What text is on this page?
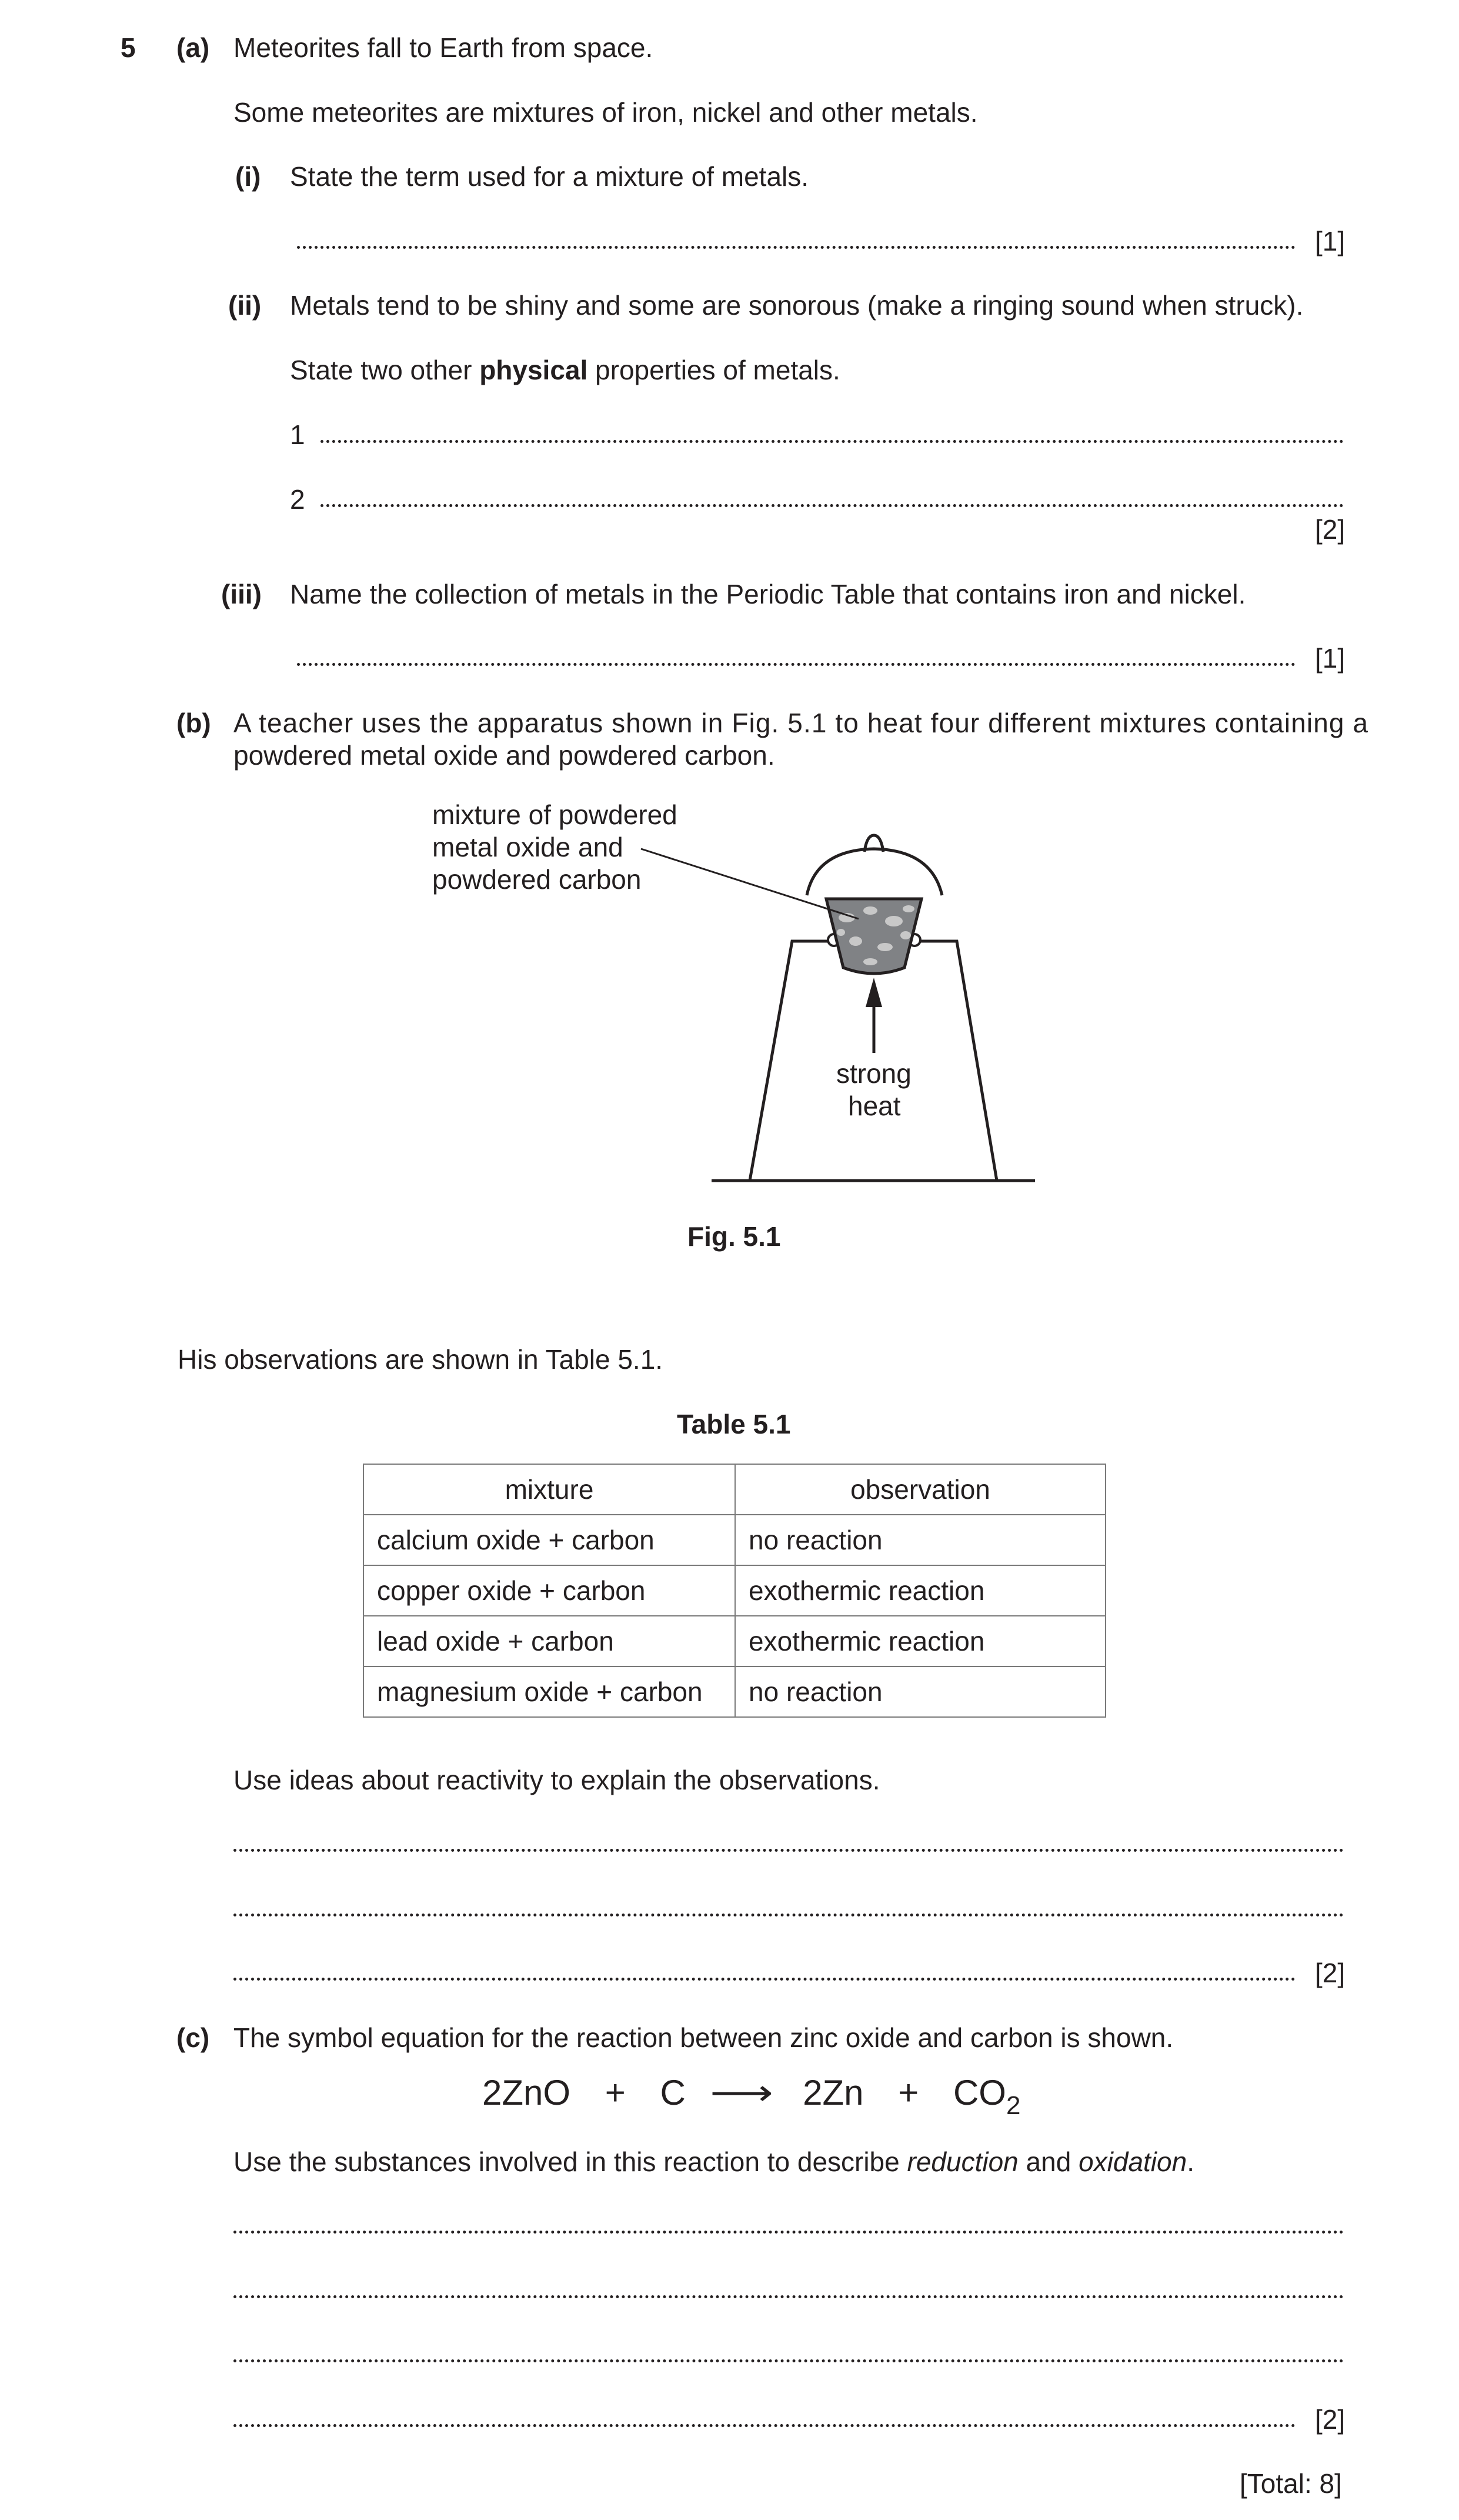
5 (a) Meteorites fall to Earth from space.
Some meteorites are mixtures of iron, nickel and other metals.
(i) State the term used for a mixture of metals.
[1]
(ii) Metals tend to be shiny and some are sonorous (make a ringing sound when struck).
State two other physical properties of metals.
1
2
[2]
(iii) Name the collection of metals in the Periodic Table that contains iron and nickel.
[1]
(b) A teacher uses the apparatus shown in Fig. 5.1 to heat four different mixtures containing a
powdered metal oxide and powdered carbon.
mixture of powdered
metal oxide and
powdered carbon
strong
heat
Fig. 5.1
His observations are shown in Table 5.1.
Table 5.1
mixture	observation
calcium oxide + carbon	no reaction
copper oxide + carbon	exothermic reaction
lead oxide + carbon	exothermic reaction
magnesium oxide + carbon	no reaction
Use ideas about reactivity to explain the observations.
[2]
(c) The symbol equation for the reaction between zinc oxide and carbon is shown.
2ZnO + C ⟶ 2Zn + CO2
Use the substances involved in this reaction to describe reduction and oxidation.
[2]
[Total: 8]
